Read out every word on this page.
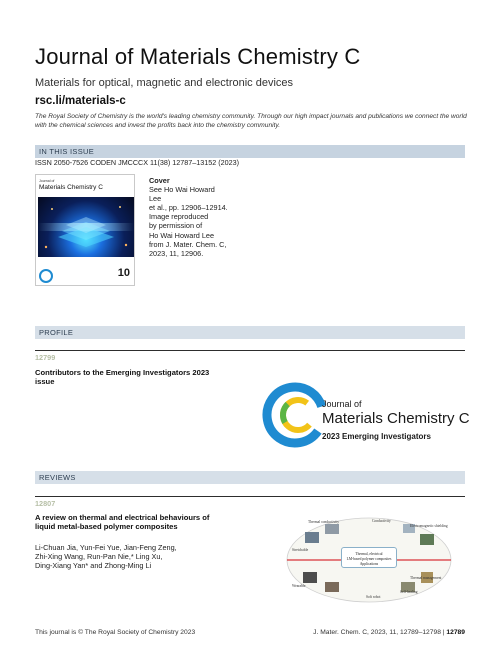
Journal of Materials Chemistry C
Materials for optical, magnetic and electronic devices
rsc.li/materials-c
The Royal Society of Chemistry is the world's leading chemistry community. Through our high impact journals and publications we connect the world with the chemical sciences and invest the profits back into the chemistry community.
IN THIS ISSUE
ISSN 2050-7526 CODEN JMCCCX 11(38) 12787–13152 (2023)
Journal of
Materials Chemistry C
10
Cover
See Ho Wai Howard Lee
et al., pp. 12906–12914.
Image reproduced
by permission of
Ho Wai Howard Lee
from J. Mater. Chem. C,
2023, 11, 12906.
PROFILE
12799
Contributors to the Emerging Investigators 2023
issue
Journal of
Materials Chemistry C
2023 Emerging Investigators
REVIEWS
12807
A review on thermal and electrical behaviours of
liquid metal-based polymer composites
Li-Chuan Jia, Yun-Fei Yue, Jian-Feng Zeng,
Zhi-Xing Wang, Run-Pan Nie,* Ling Xu,
Ding-Xiang Yan* and Zhong-Ming Li
Thermal, electrical
LM-based polymer composites
Applications
Thermal conductivity	Conductivity
Electromagnetic shielding
Stretchable
Wearable
Soft robot
Self-healing
Thermal management
This journal is © The Royal Society of Chemistry 2023	J. Mater. Chem. C, 2023, 11, 12789–12798 | 12789
